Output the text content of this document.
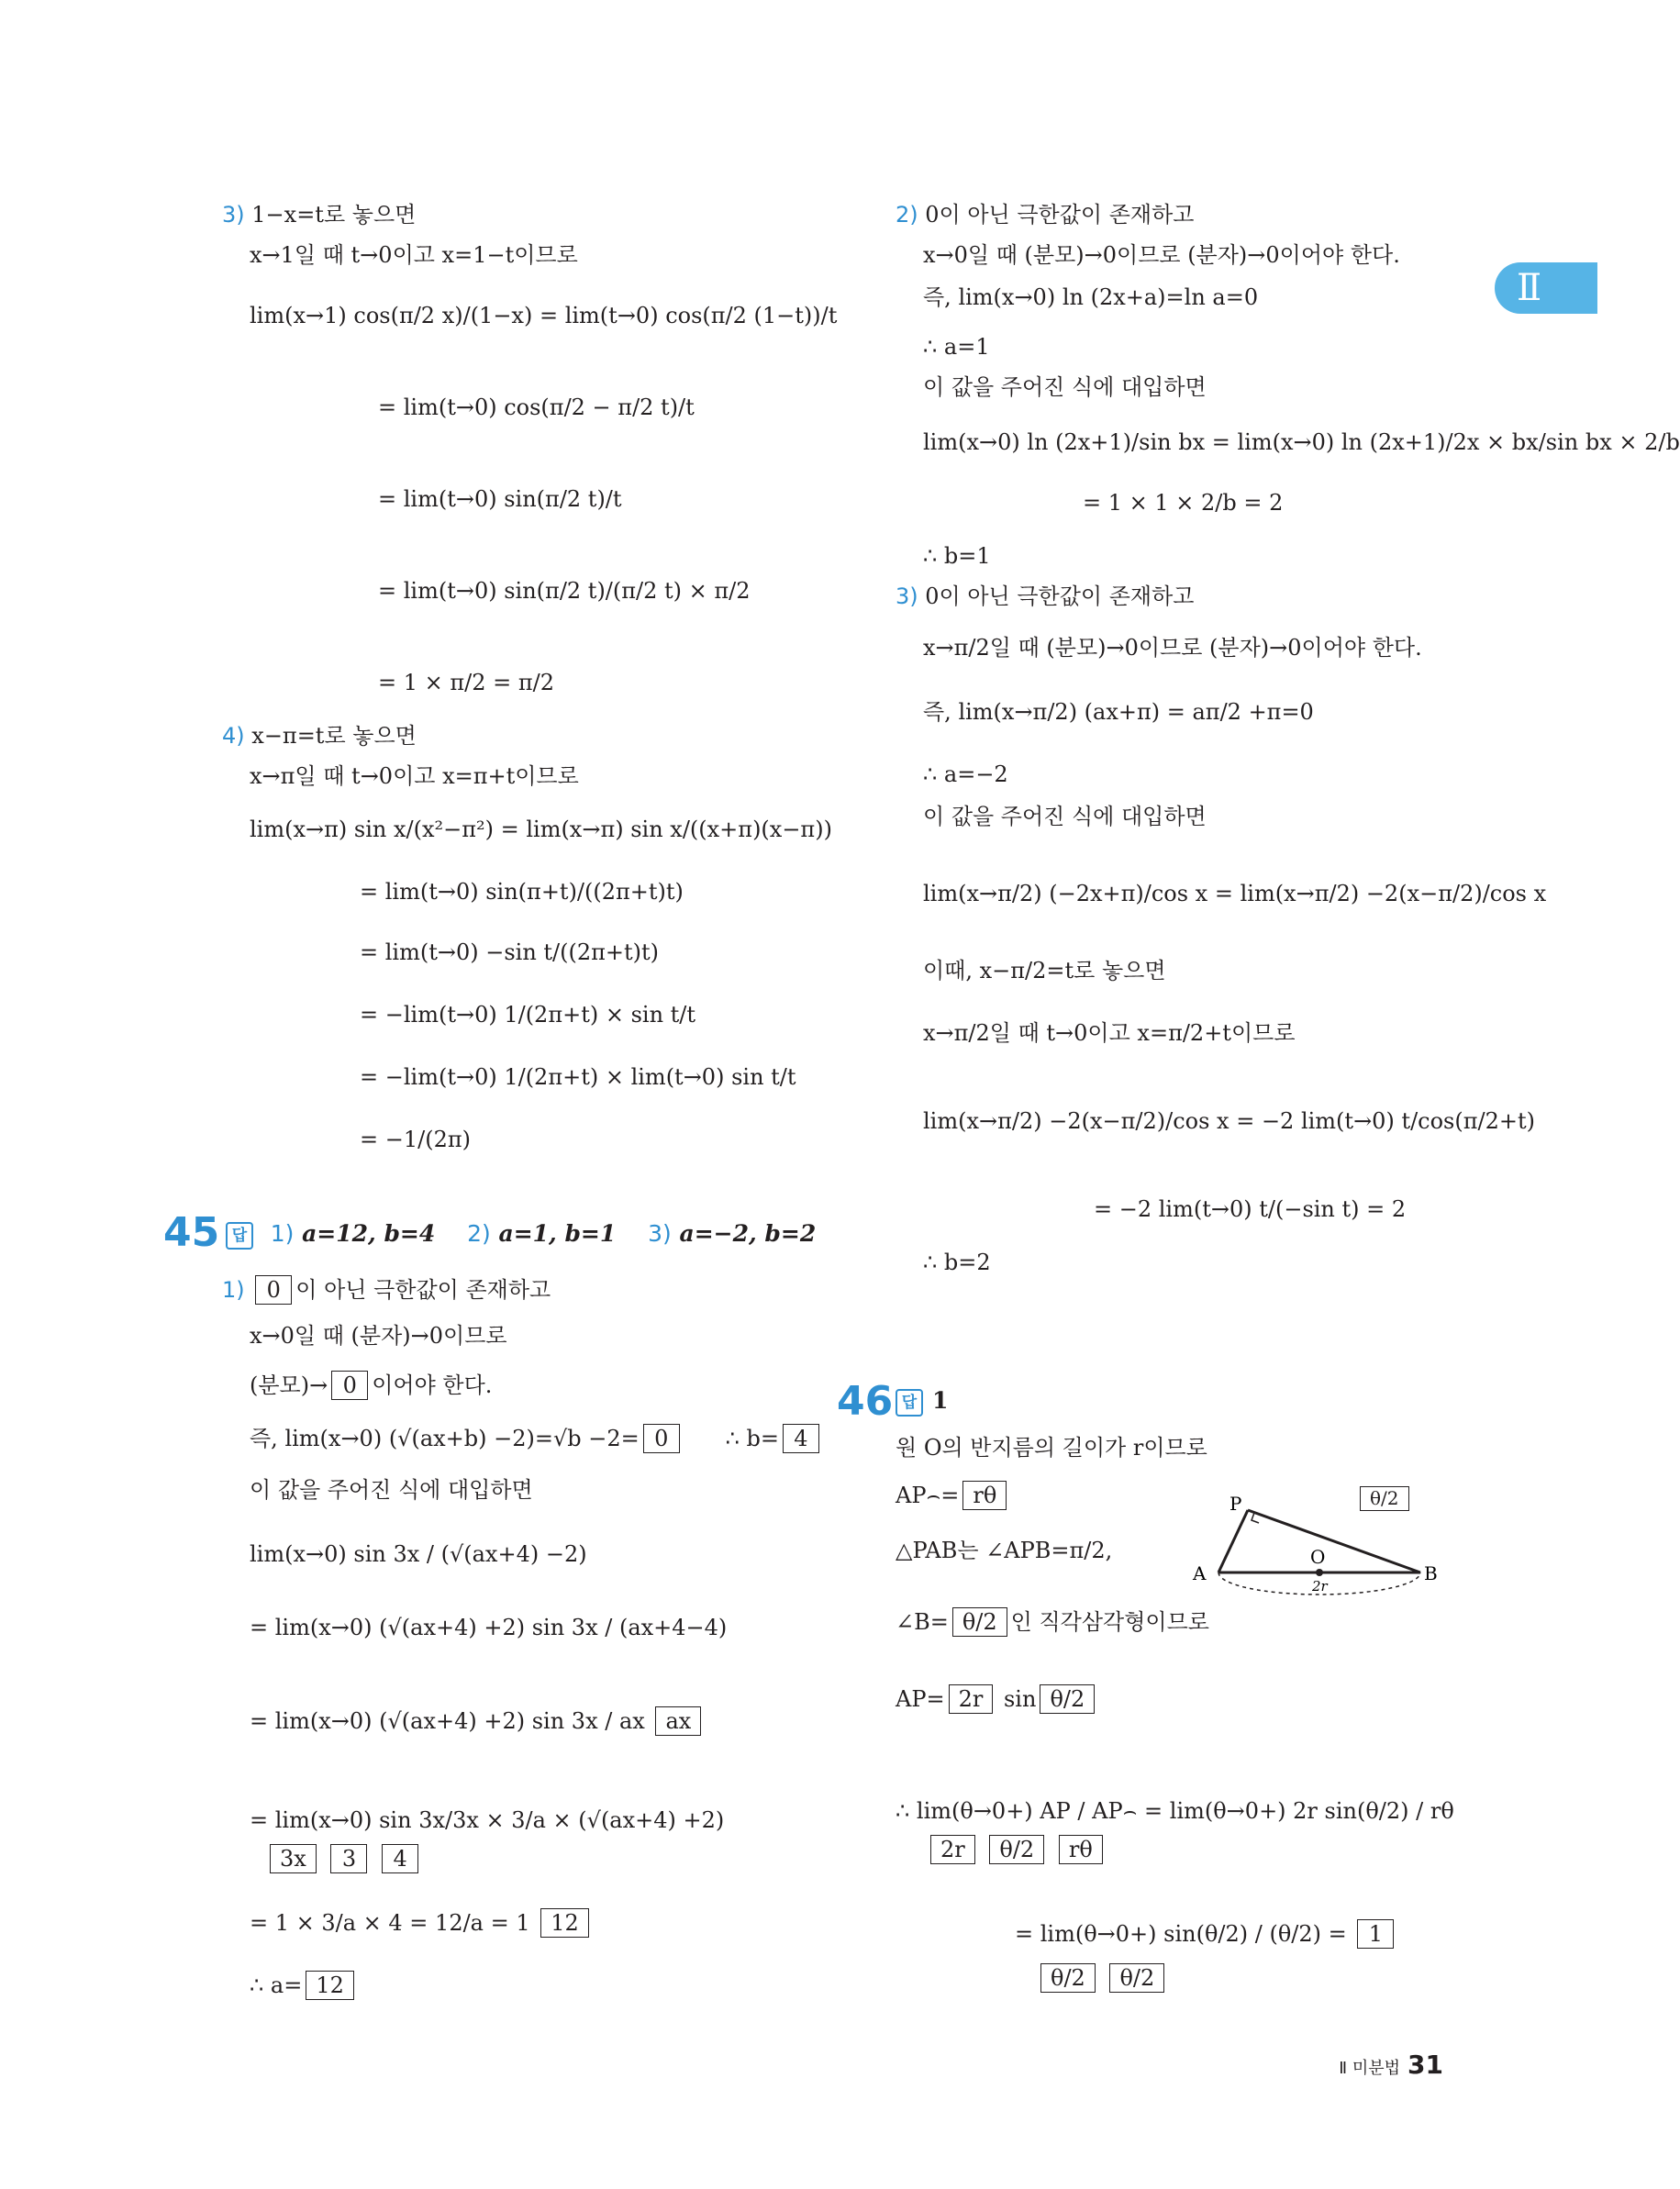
Ⅱ
3) 1−x=t로 놓으면
x→1일 때 t→0이고 x=1−t이므로
lim(x→1) cos(π/2 x)/(1−x) = lim(t→0) cos(π/2 (1−t))/t
= lim(t→0) cos(π/2 − π/2 t)/t
= lim(t→0) sin(π/2 t)/t
= lim(t→0) sin(π/2 t)/(π/2 t) × π/2
= 1 × π/2 = π/2
4) x−π=t로 놓으면
x→π일 때 t→0이고 x=π+t이므로
lim(x→π) sin x/(x²−π²) = lim(x→π) sin x/((x+π)(x−π))
= lim(t→0) sin(π+t)/((2π+t)t)
= lim(t→0) −sin t/((2π+t)t)
= −lim(t→0) 1/(2π+t) × sin t/t
= −lim(t→0) 1/(2π+t) × lim(t→0) sin t/t
= −1/(2π)
45 답 1) a=12, b=4 2) a=1, b=1 3) a=−2, b=2
1) 0 이 아닌 극한값이 존재하고
x→0일 때 (분자)→0이므로
(분모)→ 0 이어야 한다.
즉, lim(x→0) (√(ax+b) −2)=√b −2= 0	∴ b= 4
이 값을 주어진 식에 대입하면
lim(x→0) sin 3x / (√(ax+4) −2)
= lim(x→0) (√(ax+4) +2) sin 3x / (ax+4−4)
= lim(x→0) (√(ax+4) +2) sin 3x / ax ax
= lim(x→0) sin 3x/3x × 3/a × (√(ax+4) +2)
3x 3 4
= 1 × 3/a × 4 = 12/a = 1 12
∴ a= 12
2) 0이 아닌 극한값이 존재하고
x→0일 때 (분모)→0이므로 (분자)→0이어야 한다.
즉, lim(x→0) ln (2x+a)=ln a=0
∴ a=1
이 값을 주어진 식에 대입하면
lim(x→0) ln (2x+1)/sin bx = lim(x→0) ln (2x+1)/2x × bx/sin bx × 2/b
= 1 × 1 × 2/b = 2
∴ b=1
3) 0이 아닌 극한값이 존재하고
x→π/2일 때 (분모)→0이므로 (분자)→0이어야 한다.
즉, lim(x→π/2) (ax+π) = aπ/2 +π=0
∴ a=−2
이 값을 주어진 식에 대입하면
lim(x→π/2) (−2x+π)/cos x = lim(x→π/2) −2(x−π/2)/cos x
이때, x−π/2=t로 놓으면
x→π/2일 때 t→0이고 x=π/2+t이므로
lim(x→π/2) −2(x−π/2)/cos x = −2 lim(t→0) t/cos(π/2+t)
= −2 lim(t→0) t/(−sin t) = 2
∴ b=2
46 답 1
원 O의 반지름의 길이가 r이므로
AP⌢= rθ
△PAB는 ∠APB=π/2,
∠B= θ/2 인 직각삼각형이므로
AP= 2r sin θ/2
∴ lim(θ→0+) AP / AP⌢ = lim(θ→0+) 2r sin(θ/2) / rθ
2r θ/2 rθ
= lim(θ→0+) sin(θ/2) / (θ/2) = 1
θ/2 θ/2
P
A
O
B
2r
θ/2
Ⅱ 미분법 31
